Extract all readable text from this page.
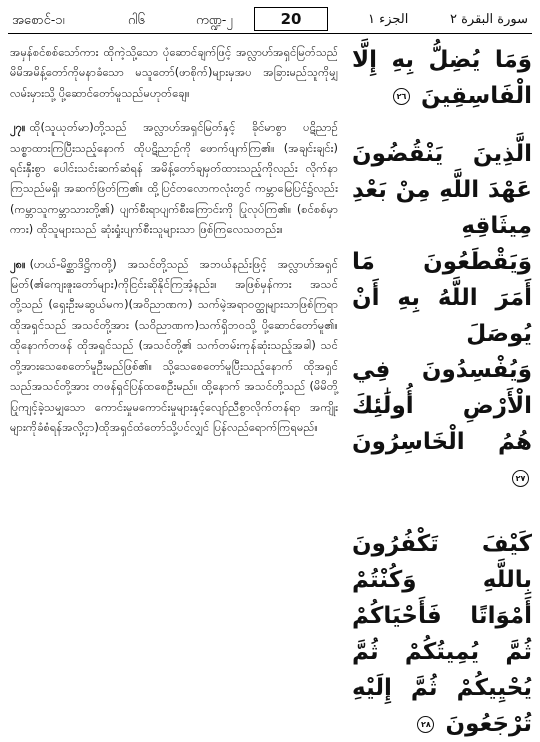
အစောင်-၁၊	ဂါ၆	ကဏ္ဍ-၂	20	الجزء ١	سورة البقرة ٢

အမှန်စင်စစ်သော်ကား ထိုကဲ့သို့သော ပုံဆောင်ချက်ဖြင့် အလ္လာဟ်အရှင်မြတ်သည် မိမိအမိန့်တော်ကိုမနာခံသော မသူတော်(ဖာစိုက်)များမှအပ အခြားမည်သူကိုမျှ လမ်းမှားသို့ ပို့ဆောင်တော်မူသည်မဟုတ်ချေ။

၂၇။ ထို(သူယုတ်မာ)တို့သည် အလ္လာဟ်အရှင်မြတ်နှင့် ခိုင်မာစွာ ပဋိညာဉ်သစ္စာထားကြပြီးသည့်နောက် ထိုပဋိညာဉ်ကို ဖောက်ဖျက်ကြ၏။ (အချင်းချင်း) ရင်းနှီးစွာ ပေါင်းသင်းဆက်ဆံရန် အမိန့်တော်ချမှတ်ထားသည့်ကိုလည်း လိုက်နာကြသည်မရှိ၊ အဆက်ဖြတ်ကြ၏။ ထို့ပြင်တလောကလုံးတွင် ကမ္ဘာမြေပြင်၌လည်း (ကမ္ဘာသူကမ္ဘာသားတို့၏) ပျက်စီးရာပျက်စီးကြောင်းကို ပြုလုပ်ကြ၏။ (စင်စစ်မှာကား) ထိုသူများသည် ဆုံးရှုံးပျက်စီးသူများသာ ဖြစ်ကြလေသတည်း။

၂၈။ (ဟယ်-မိစ္ဆာဒိဋ္ဌိကတို့) အသင်တို့သည် အဘယ်နည်းဖြင့် အလ္လာဟ်အရှင်မြတ်(၏ကျေးဇူးတော်များ)ကိုငြင်းဆိုနိုင်ကြအံ့နည်း။ အဖြစ်မှန်ကား အသင်တို့သည် (ရှေးဦးမဆွယ်မက)(အဝိညာဏက) သက်မဲ့အရာဝတ္ထုများသာဖြစ်ကြရာ ထိုအရှင်သည် အသင်တို့အား (သဝိညာဏက)သက်ရှိဘဝသို့ ပို့ဆောင်တော်မူ၏။ ထိုနောက်တဖန် ထိုအရှင်သည် (အသင်တို့၏ သက်တမ်းကုန်ဆုံးသည့်အခါ) သင်တို့အားသေစေတော်မူဦးမည်ဖြစ်၏။ သို့သေစေတော်မူပြီးသည့်နောက် ထိုအရှင်သည်အသင်တို့အား တဖန်ရှင်ပြန်ထစေဦးမည်။ ထို့နောက် အသင်တို့သည် (မိမိတို့ပြုကျင့်ခဲ့သမျှသော ကောင်းမှုမကောင်းမှုများနှင့်လျော်ညီစွာလိုက်တန်ရာ အကျိုးများကိုခံစံရန်အလို့ငှာ)ထိုအရှင်ထံတော်သို့ပင်လျှင် ပြန်လည်ရောက်ကြရမည်။

وَمَا يُضِلُّ بِهِ إِلَّا الْفَاسِقِينَ ٢٦

الَّذِينَ يَنْقُضُونَ عَهْدَ اللَّهِ مِنْ بَعْدِ مِيثَاقِهِ وَيَقْطَعُونَ مَا أَمَرَ اللَّهُ بِهِ أَنْ يُوصَلَ وَيُفْسِدُونَ فِي الْأَرْضِ أُولَٰئِكَ هُمُ الْخَاسِرُونَ ٢٧

كَيْفَ تَكْفُرُونَ بِاللَّهِ وَكُنْتُمْ أَمْوَاتًا فَأَحْيَاكُمْ ثُمَّ يُمِيتُكُمْ ثُمَّ يُحْيِيكُمْ ثُمَّ إِلَيْهِ تُرْجَعُونَ ٢٨
